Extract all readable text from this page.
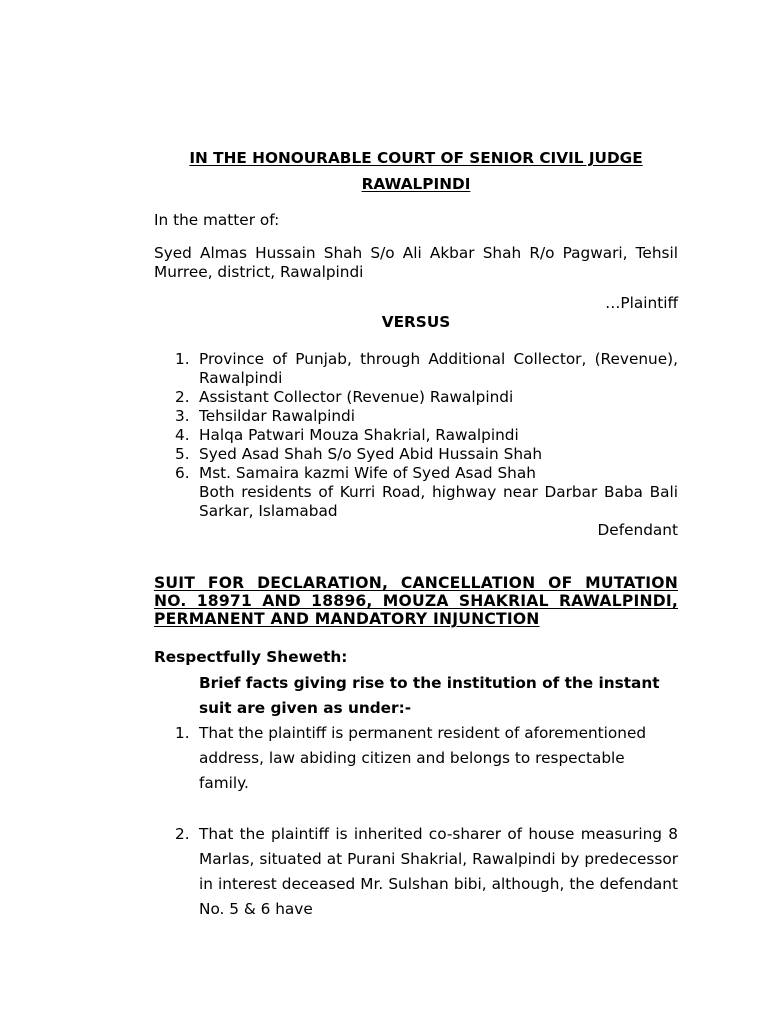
IN THE HONOURABLE COURT OF SENIOR CIVIL JUDGE

RAWALPINDI

In the matter of:

Syed Almas Hussain Shah S/o Ali Akbar Shah R/o Pagwari, Tehsil Murree, district, Rawalpindi

…Plaintiff

VERSUS

1. Province of Punjab, through Additional Collector, (Revenue), Rawalpindi
2. Assistant Collector (Revenue) Rawalpindi
3. Tehsildar Rawalpindi
4. Halqa Patwari Mouza Shakrial, Rawalpindi
5. Syed Asad Shah S/o Syed Abid Hussain Shah
6. Mst. Samaira kazmi Wife of Syed Asad Shah

Both residents of Kurri Road, highway near Darbar Baba Bali Sarkar, Islamabad

Defendant

SUIT FOR DECLARATION, CANCELLATION OF MUTATION NO. 18971 AND 18896, MOUZA SHAKRIAL RAWALPINDI, PERMANENT AND MANDATORY INJUNCTION

Respectfully Sheweth:

Brief facts giving rise to the institution of the instant suit are given as under:-

1. That the plaintiff is permanent resident of aforementioned address, law abiding citizen and belongs to respectable family.
2. That the plaintiff is inherited co-sharer of house measuring 8 Marlas, situated at Purani Shakrial, Rawalpindi by predecessor in interest deceased Mr. Sulshan bibi, although, the defendant No. 5 & 6 have
